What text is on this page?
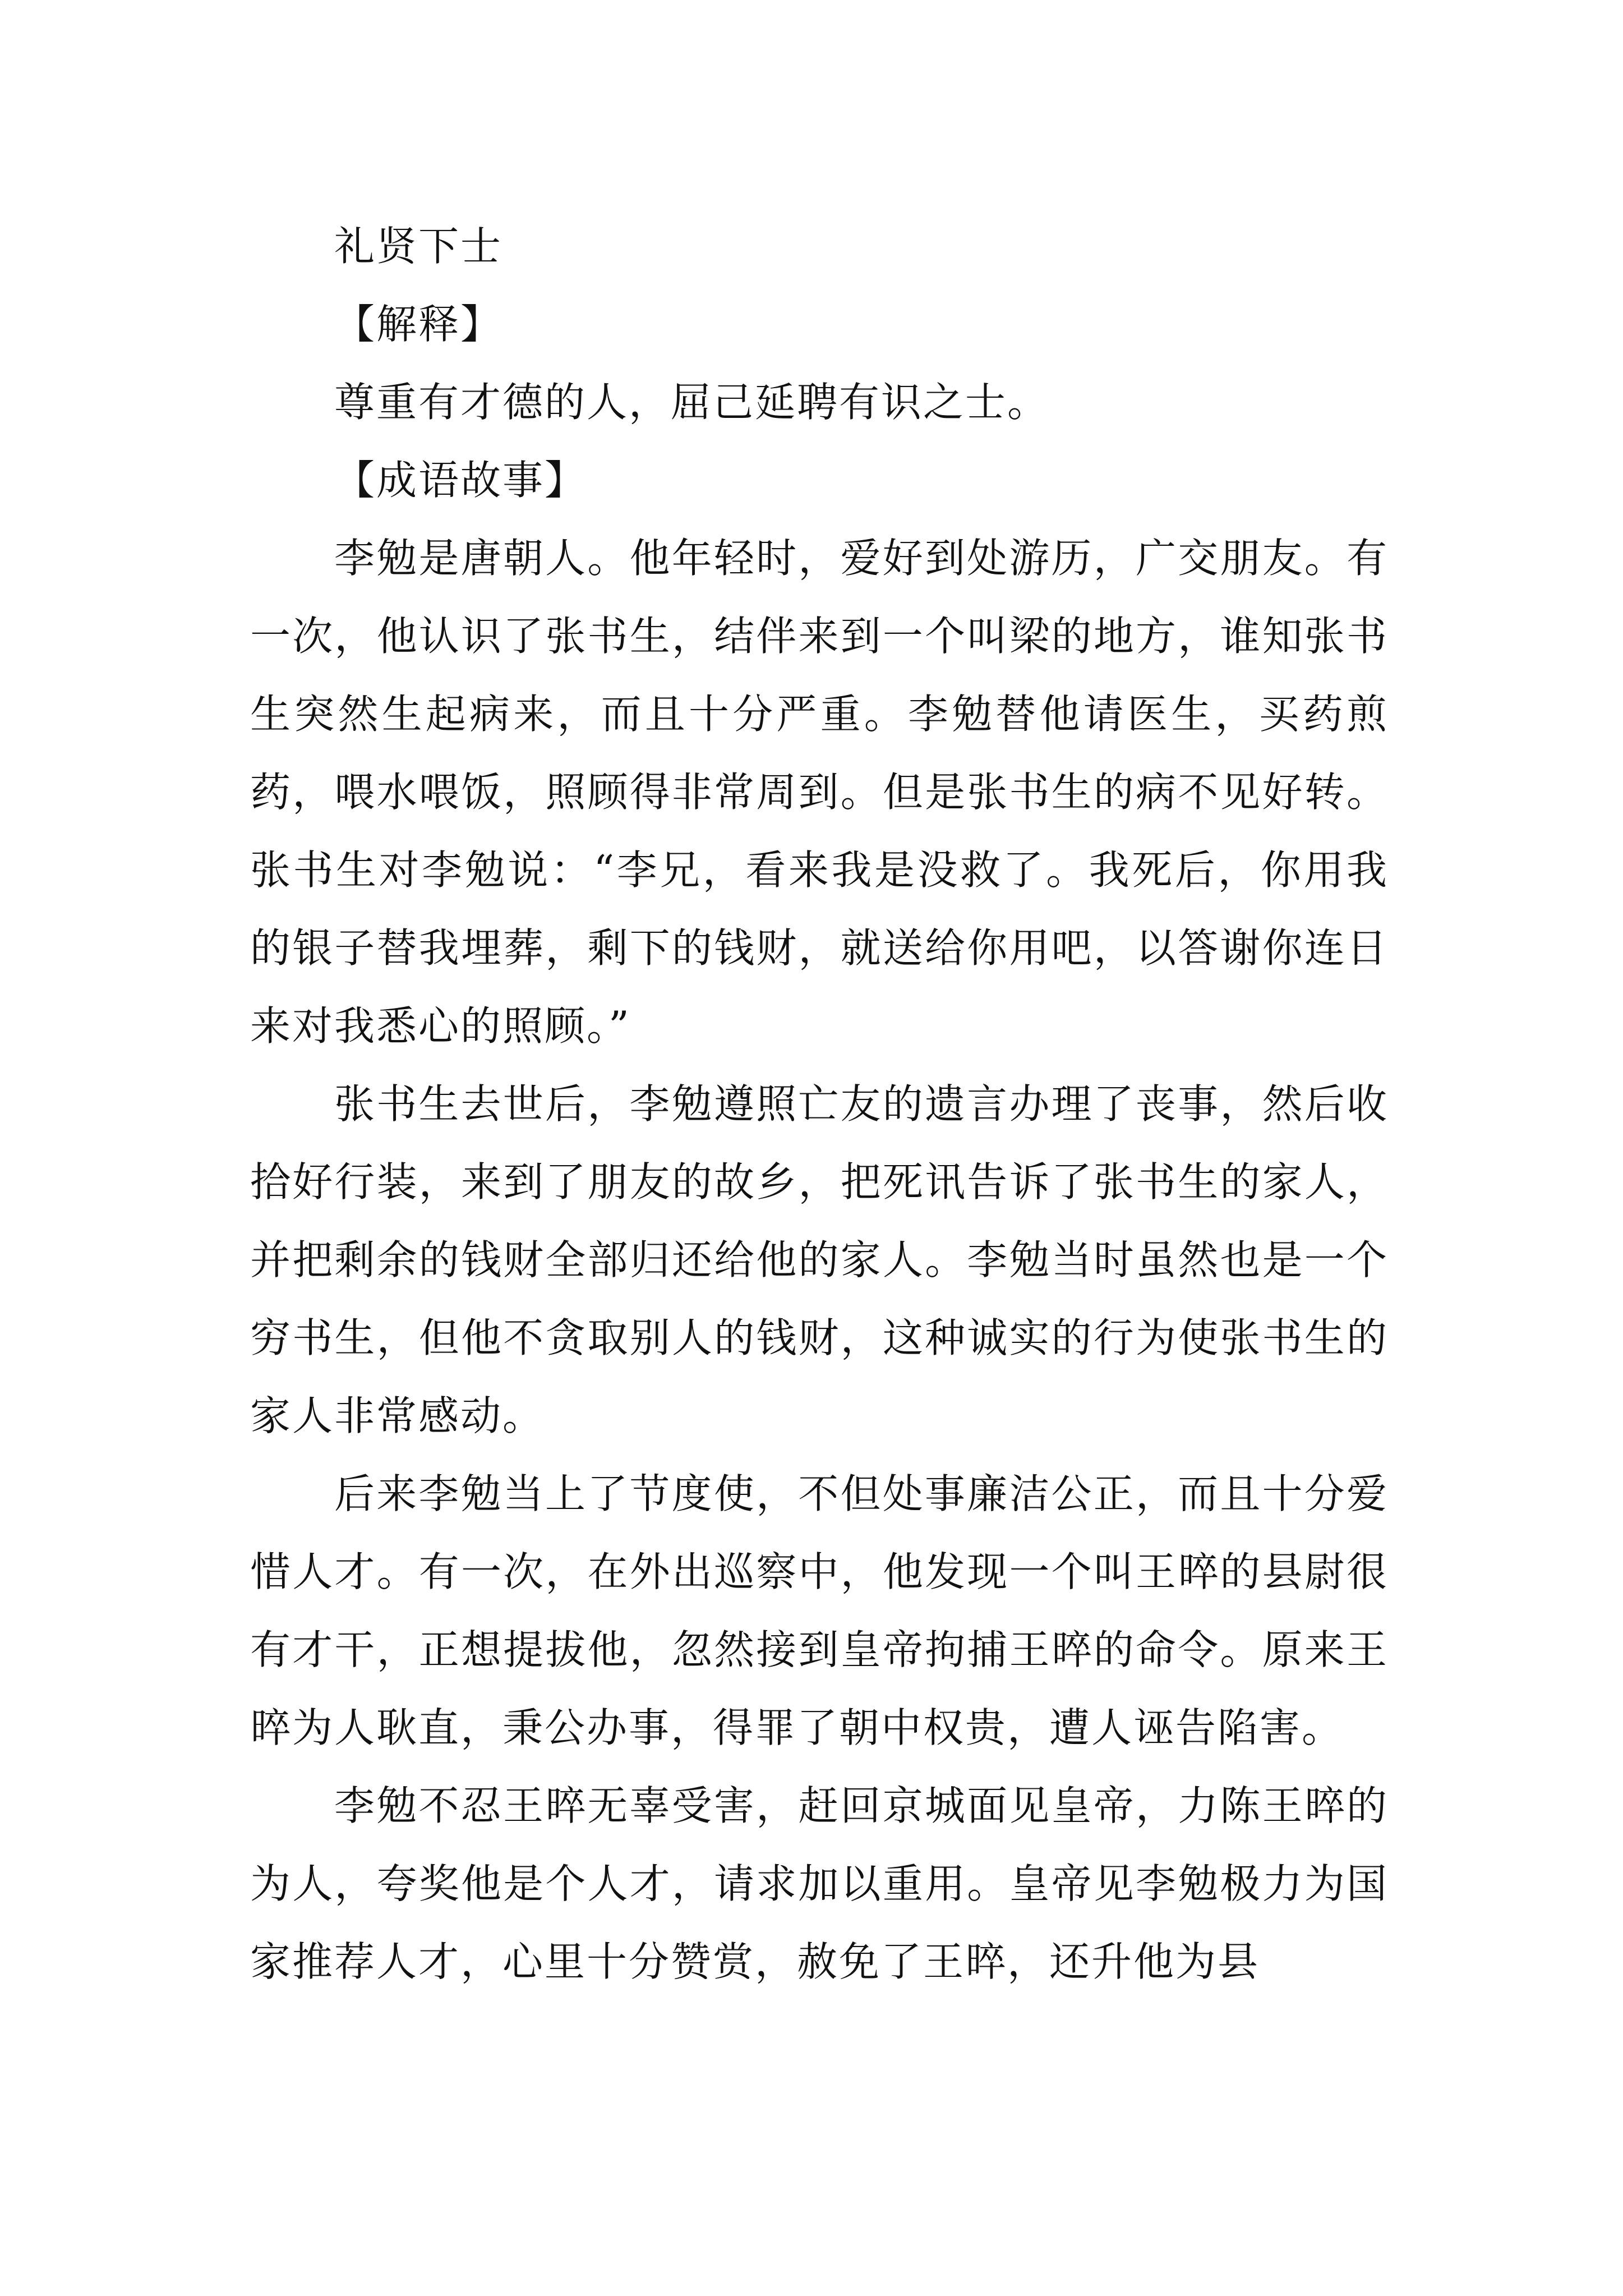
礼贤下士

【解释】

尊重有才德的人，屈己延聘有识之士。

【成语故事】

李勉是唐朝人。他年轻时，爱好到处游历，广交朋友。有一次，他认识了张书生，结伴来到一个叫梁的地方，谁知张书生突然生起病来，而且十分严重。李勉替他请医生，买药煎药，喂水喂饭，照顾得非常周到。但是张书生的病不见好转。张书生对李勉说：“李兄，看来我是没救了。我死后，你用我的银子替我埋葬，剩下的钱财，就送给你用吧，以答谢你连日来对我悉心的照顾。”

张书生去世后，李勉遵照亡友的遗言办理了丧事，然后收拾好行装，来到了朋友的故乡，把死讯告诉了张书生的家人，并把剩余的钱财全部归还给他的家人。李勉当时虽然也是一个穷书生，但他不贪取别人的钱财，这种诚实的行为使张书生的家人非常感动。

后来李勉当上了节度使，不但处事廉洁公正，而且十分爱惜人才。有一次，在外出巡察中，他发现一个叫王晬的县尉很有才干，正想提拔他，忽然接到皇帝拘捕王晬的命令。原来王晬为人耿直，秉公办事，得罪了朝中权贵，遭人诬告陷害。

李勉不忍王晬无辜受害，赶回京城面见皇帝，力陈王晬的为人，夸奖他是个人才，请求加以重用。皇帝见李勉极力为国家推荐人才，心里十分赞赏，赦免了王晬，还升他为县
